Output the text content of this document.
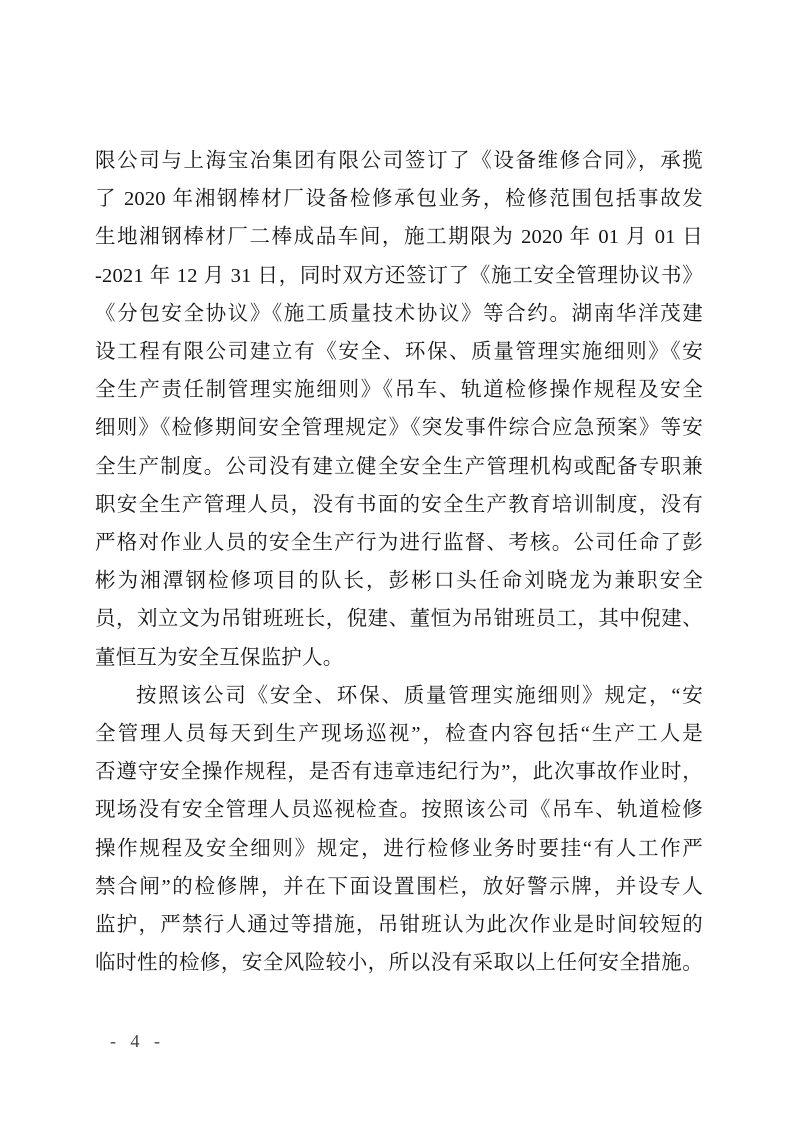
限公司与上海宝冶集团有限公司签订了《设备维修合同》，承揽
了 2020 年湘钢棒材厂设备检修承包业务，检修范围包括事故发
生地湘钢棒材厂二棒成品车间，施工期限为 2020 年 01 月 01 日
-2021 年 12 月 31 日，同时双方还签订了《施工安全管理协议书》
《分包安全协议》《施工质量技术协议》等合约。湖南华洋茂建
设工程有限公司建立有《安全、环保、质量管理实施细则》《安
全生产责任制管理实施细则》《吊车、轨道检修操作规程及安全
细则》《检修期间安全管理规定》《突发事件综合应急预案》等安
全生产制度。公司没有建立健全安全生产管理机构或配备专职兼
职安全生产管理人员，没有书面的安全生产教育培训制度，没有
严格对作业人员的安全生产行为进行监督、考核。公司任命了彭
彬为湘潭钢检修项目的队长，彭彬口头任命刘晓龙为兼职安全
员，刘立文为吊钳班班长，倪建、董恒为吊钳班员工，其中倪建、
董恒互为安全互保监护人。
按照该公司《安全、环保、质量管理实施细则》规定，“安
全管理人员每天到生产现场巡视”，检查内容包括“生产工人是
否遵守安全操作规程，是否有违章违纪行为”，此次事故作业时，
现场没有安全管理人员巡视检查。按照该公司《吊车、轨道检修
操作规程及安全细则》规定，进行检修业务时要挂“有人工作严
禁合闸”的检修牌，并在下面设置围栏，放好警示牌，并设专人
监护，严禁行人通过等措施，吊钳班认为此次作业是时间较短的
临时性的检修，安全风险较小，所以没有采取以上任何安全措施。
- 4 -
